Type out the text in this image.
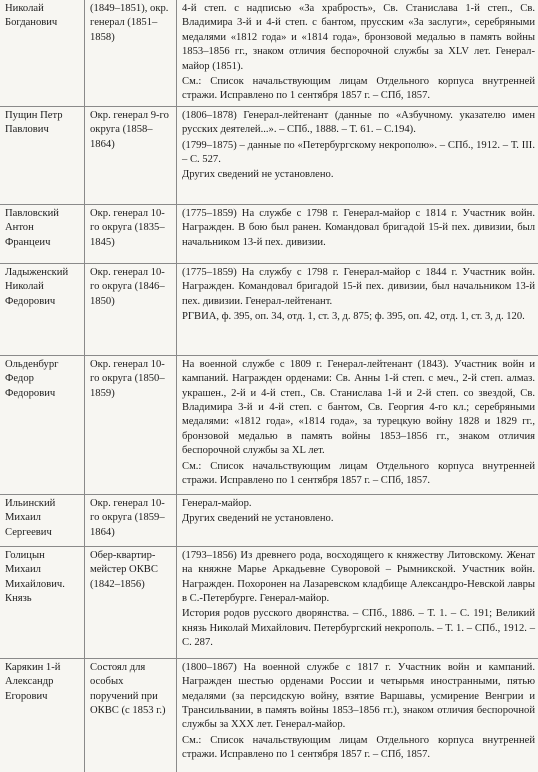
Николай Богданович	(1849–1851), окр. генерал (1851–1858)	4-й степ. с надписью «За храбрость», Св. Станислава 1-й степ., Св. Владимира 3-й и 4-й степ. с бантом, прусским «За заслуги», серебряными медалями «1812 года» и «1814 года», бронзовой медалью в память войны 1853–1856 гг., знаком отличия беспорочной службы за XLV лет. Генерал-майор (1851).

См.: Список начальствующим лицам Отдельного корпуса внутренней стражи. Исправлено по 1 сентября 1857 г. – СПб, 1857.

Пущин Петр Павлович	Окр. генерал 9-го округа (1858–1864)	(1806–1878) Генерал-лейтенант (данные по «Азбучному. указателю имен русских деятелей...». – СПб., 1888. – Т. 61. – С.194).

(1799–1875) – данные по «Петербургскому некрополю». – СПб., 1912. – Т. III. – С. 527.

Других сведений не установлено.

Павловский Антон Францеич	Окр. генерал 10-го округа (1835–1845)	(1775–1859) На службе с 1798 г. Генерал-майор с 1814 г. Участник войн. Награжден. В бою был ранен. Командовал бригадой 15-й пех. дивизии, был начальником 13-й пех. дивизии.

Ладыженский Николай Федорович	Окр. генерал 10-го округа (1846–1850)	(1775–1859) На службу с 1798 г. Генерал-майор с 1844 г. Участник войн. Награжден. Командовал бригадой 15-й пех. дивизии, был начальником 13-й пех. дивизии. Генерал-лейтенант.

РГВИА, ф. 395, оп. 34, отд. 1, ст. 3, д. 875; ф. 395, оп. 42, отд. 1, ст. 3, д. 120.

Ольденбург Федор Федорович	Окр. генерал 10-го округа (1850–1859)	На военной службе с 1809 г. Генерал-лейтенант (1843). Участник войн и кампаний. Награжден орденами: Св. Анны 1-й степ. с меч., 2-й степ. алмаз. украшен., 2-й и 4-й степ., Св. Станислава 1-й и 2-й степ. со звездой, Св. Владимира 3-й и 4-й степ. с бантом, Св. Георгия 4-го кл.; серебряными медалями: «1812 года», «1814 года», за турецкую войну 1828 и 1829 гг., бронзовой медалью в память войны 1853–1856 гг., знаком отличия беспорочной службы за XL лет.

См.: Список начальствующим лицам Отдельного корпуса внутренней стражи. Исправлено по 1 сентября 1857 г. – СПб, 1857.

Ильинский Михаил Сергеевич	Окр. генерал 10-го округа (1859–1864)	Генерал-майор.

Других сведений не установлено.

Голицын Михаил Михайлович. Князь	Обер-квартир-мейстер ОКВС (1842–1856)	(1793–1856) Из древнего рода, восходящего к княжеству Литовскому. Женат на княжне Марье Аркадьевне Суворовой – Рымникской. Участник войн. Награжден. Похоронен на Лазаревском кладбище Александро-Невской лавры в С.-Петербурге. Генерал-майор.

История родов русского дворянства. – СПб., 1886. – Т. 1. – С. 191; Великий князь Николай Михайлович. Петербургский некрополь. – Т. 1. – СПб., 1912. – С. 287.

Карякин 1-й Александр Егорович	Состоял для особых поручений при ОКВС (с 1853 г.)	(1800–1867) На военной службе с 1817 г. Участник войн и кампаний. Награжден шестью орденами России и четырьмя иностранными, пятью медалями (за персидскую войну, взятие Варшавы, усмирение Венгрии и Трансильвании, в память войны 1853–1856 гг.), знаком отличия беспорочной службы за XXX лет. Генерал-майор.

См.: Список начальствующим лицам Отдельного корпуса внутренней стражи. Исправлено по 1 сентября 1857 г. – СПб, 1857.
